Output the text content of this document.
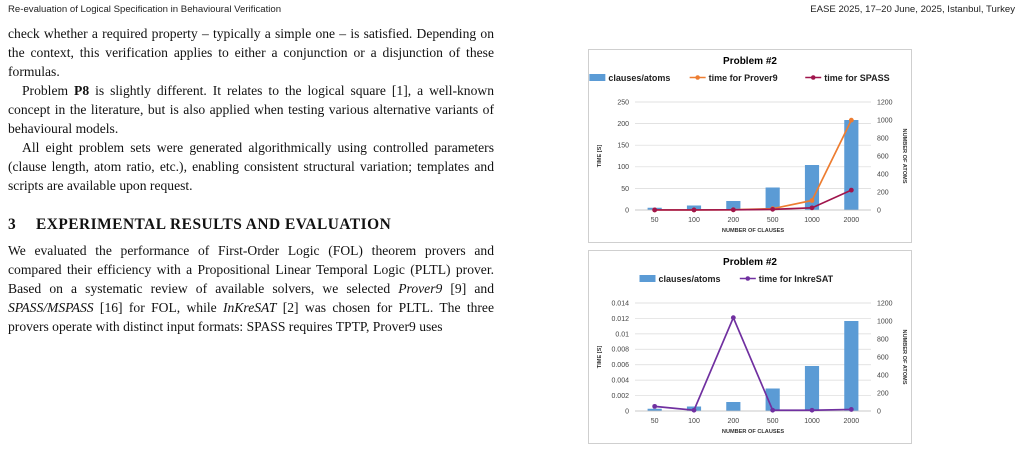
Re-evaluation of Logical Specification in Behavioural Verification	EASE 2025, 17–20 June, 2025, Istanbul, Turkey

check whether a required property – typically a simple one – is satisfied. Depending on the context, this verification applies to either a conjunction or a disjunction of these formulas.

Problem P8 is slightly different. It relates to the logical square [1], a well-known concept in the literature, but is also applied when testing various alternative variants of behavioural models.

All eight problem sets were generated algorithmically using controlled parameters (clause length, atom ratio, etc.), enabling consistent structural variation; templates and scripts are available upon request.

3	EXPERIMENTAL RESULTS AND EVALUATION

We evaluated the performance of First-Order Logic (FOL) theorem provers and compared their efficiency with a Propositional Linear Temporal Logic (PLTL) prover. Based on a systematic review of available solvers, we selected Prover9 [9] and SPASS/MSPASS [16] for FOL, while InKreSAT [2] was chosen for PLTL. The three provers operate with distinct input formats: SPASS requires TPTP, Prover9 uses

Problem #2
clauses/atoms	time for Prover9	time for SPASS
0
50
100
150
200
250
0
200
400
600
800
1000
1200
50	100	200	500	1000	2000
NUMBER OF CLAUSES
TIME [S]	NUMBER OF ATOMS
Problem #2
clauses/atoms	time for InkreSAT
0
0.002
0.004
0.006
0.008
0.01
0.012
0.014
0
200
400
600
800
1000
1200
50	100	200	500	1000	2000
NUMBER OF CLAUSES
TIME [S]	NUMBER OF ATOMS
